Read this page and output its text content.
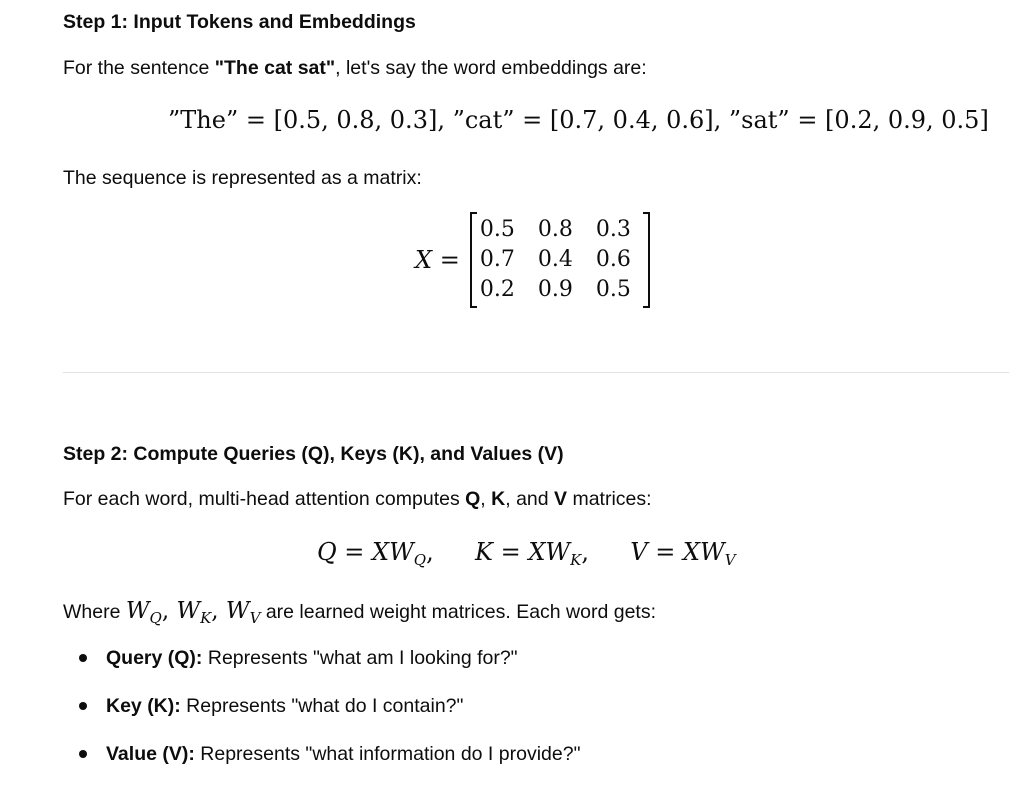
Step 1: Input Tokens and Embeddings

For the sentence "The cat sat", let's say the word embeddings are:

”The” = [0.5, 0.8, 0.3], ”cat” = [0.7, 0.4, 0.6], ”sat” = [0.2, 0.9, 0.5]

The sequence is represented as a matrix:

X =
0.5	0.8	0.3
0.7	0.4	0.6
0.2	0.9	0.5
Step 2: Compute Queries (Q), Keys (K), and Values (V)

For each word, multi-head attention computes Q, K, and V matrices:

$Q = XW_Q$, $K = XW_K$, $V = XW_V$

Where $W_Q$, $W_K$, $W_V$ are learned weight matrices. Each word gets:

Query (Q): Represents "what am I looking for?"
Key (K): Represents "what do I contain?"
Value (V): Represents "what information do I provide?"
